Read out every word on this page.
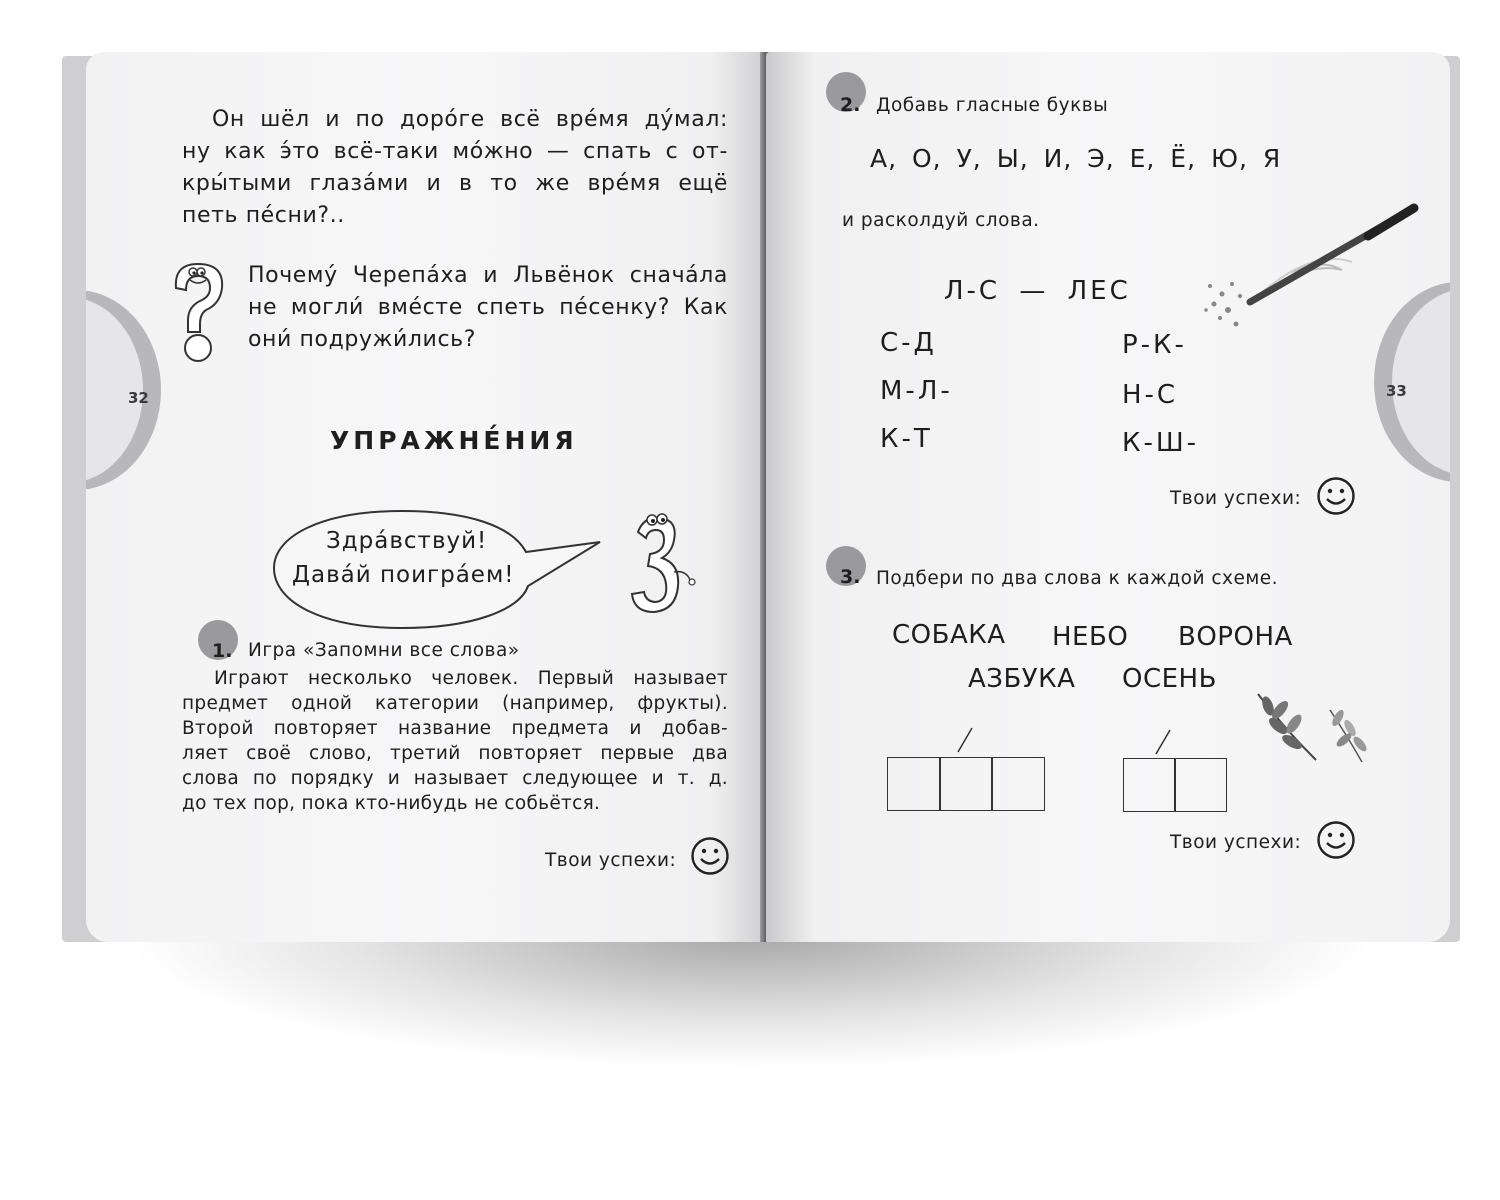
32
Он шёл и по доро́ге всё вре́мя ду́мал:
ну как э́то всё-таки мо́жно — спать с от-
кры́тыми глаза́ми и в то же вре́мя ещё
петь пе́сни?..
Почему́ Черепа́ха и Львёнок снача́ла
не могли́ вме́сте спеть пе́сенку? Как
они́ подружи́лись?
УПРАЖНЕ́НИЯ
Здра́вствуй!
Дава́й поигра́ем!
1. Игра «Запомни все слова»
Играют несколько человек. Первый называет
предмет одной категории (например, фрукты).
Второй повторяет название предмета и добав-
ляет своё слово, третий повторяет первые два
слова по порядку и называет следующее и т. д.
до тех пор, пока кто-нибудь не собьётся.
Твои успехи:
33
2. Добавь гласные буквы
А, О, У, Ы, И, Э, Е, Ё, Ю, Я
и расколдуй слова.
Л-С — ЛЕС
С-Д
М-Л-
К-Т
Р-К-
Н-С
К-Ш-
Твои успехи:
3. Подбери по два слова к каждой схеме.
СОБАКА НЕБО ВОРОНА
АЗБУКА ОСЕНЬ
Твои успехи:
